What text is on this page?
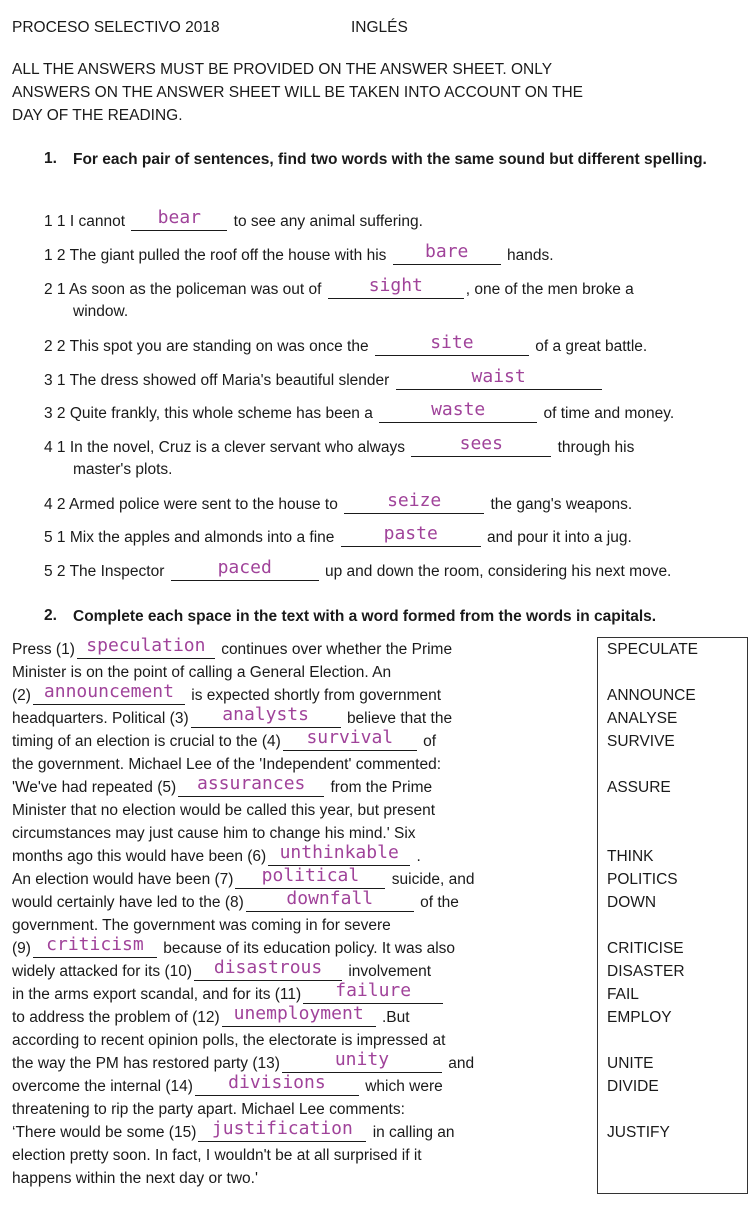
PROCESO SELECTIVO 2018	INGLÉS
ALL THE ANSWERS MUST BE PROVIDED ON THE ANSWER SHEET. ONLY ANSWERS ON THE ANSWER SHEET WILL BE TAKEN INTO ACCOUNT ON THE DAY OF THE READING.
1. For each pair of sentences, find two words with the same sound but different spelling.
1 1 I cannot bear to see any animal suffering.
1 2 The giant pulled the roof off the house with his bare hands.
2 1 As soon as the policeman was out of	sight	, one of the men broke a
window.
2 2 This spot you are standing on was once the	site	of a great battle.
3 1 The dress showed off Maria's beautiful slender	waist
3 2 Quite frankly, this whole scheme has been a	waste	of time and money.
4 1 In the novel, Cruz is a clever servant who always	sees	through his
master's plots.
4 2 Armed police were sent to the house to	seize	the gang's weapons.
5 1 Mix the apples and almonds into a fine	paste	and pour it into a jug.
5 2 The Inspector	paced	up and down the room, considering his next move.
2. Complete each space in the text with a word formed from the words in capitals.
Press (1) speculation continues over whether the Prime
Minister is on the point of calling a General Election. An
(2) announcement is expected shortly from government
headquarters. Political (3) analysts believe that the
timing of an election is crucial to the (4) survival of
the government. Michael Lee of the 'Independent' commented:
'We've had repeated (5) assurances from the Prime
Minister that no election would be called this year, but present
circumstances may just cause him to change his mind.' Six
months ago this would have been (6) unthinkable .
An election would have been (7) political suicide, and
would certainly have led to the (8) downfall	of the
government. The government was coming in for severe
(9) criticism because of its education policy. It was also
widely attacked for its (10) disastrous involvement
in the arms export scandal, and for its (11) failure
to address the problem of (12) unemployment .But
according to recent opinion polls, the electorate is impressed at
the way the PM has restored party (13)	unity	and
overcome the internal (14) divisions	which were
threatening to rip the party apart. Michael Lee comments:
‘There would be some (15) justification in calling an
election pretty soon. In fact, I wouldn't be at all surprised if it
happens within the next day or two.'
SPECULATE

ANNOUNCE
ANALYSE
SURVIVE

ASSURE

THINK
POLITICS
DOWN

CRITICISE
DISASTER
FAIL
EMPLOY

UNITE
DIVIDE

JUSTIFY
